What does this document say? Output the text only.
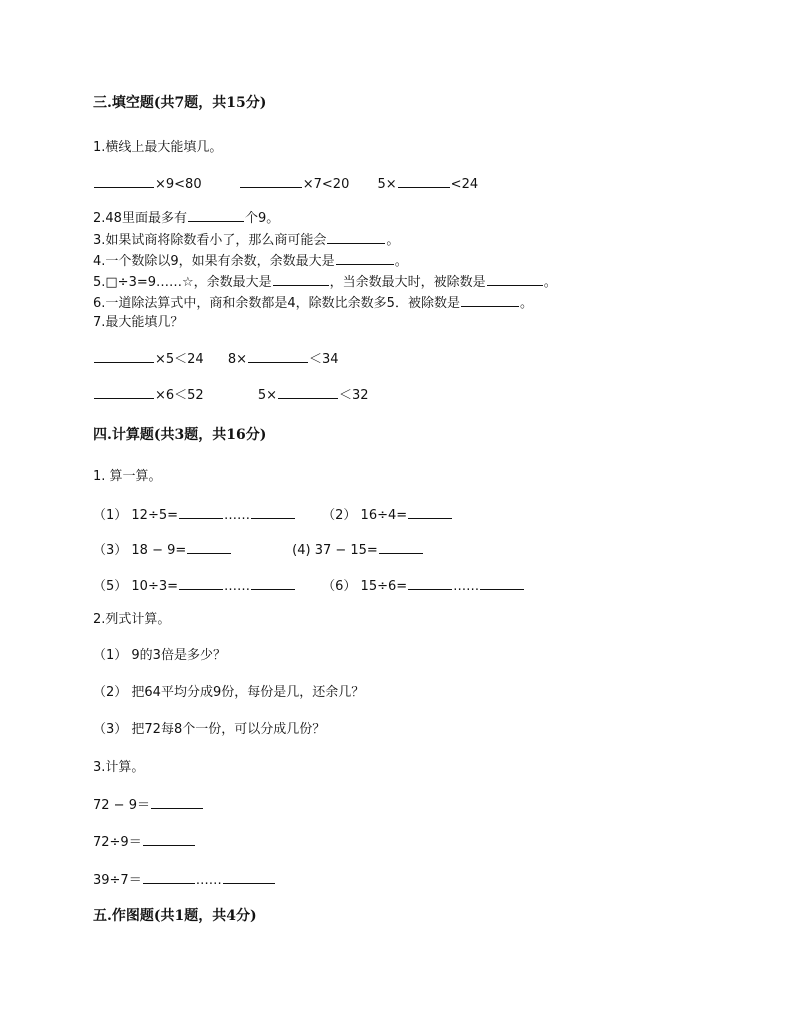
三.填空题(共7题，共15分)
1.横线上最大能填几。
×9<80	×7<20 5×	<24
2.48里面最多有	个9。
3.如果试商将除数看小了，那么商可能会	。
4.一个数除以9，如果有余数，余数最大是	。
5.□÷3=9……☆，余数最大是	，当余数最大时，被除数是	。
6.一道除法算式中，商和余数都是4，除数比余数多5．被除数是	。
7.最大能填几？
×5＜24 8×	＜34
×6＜52	5×	＜32
四.计算题(共3题，共16分)
1. 算一算。
（1） 12÷5=	……	（2） 16÷4=
（3） 18 − 9=	(4) 37 − 15=
（5） 10÷3=	……	（6） 15÷6=	……
2.列式计算。
（1） 9的3倍是多少？
（2） 把64平均分成9份，每份是几，还余几？
（3） 把72每8个一份，可以分成几份？
3.计算。
72 − 9＝
72÷9＝
39÷7＝	……
五.作图题(共1题，共4分)
